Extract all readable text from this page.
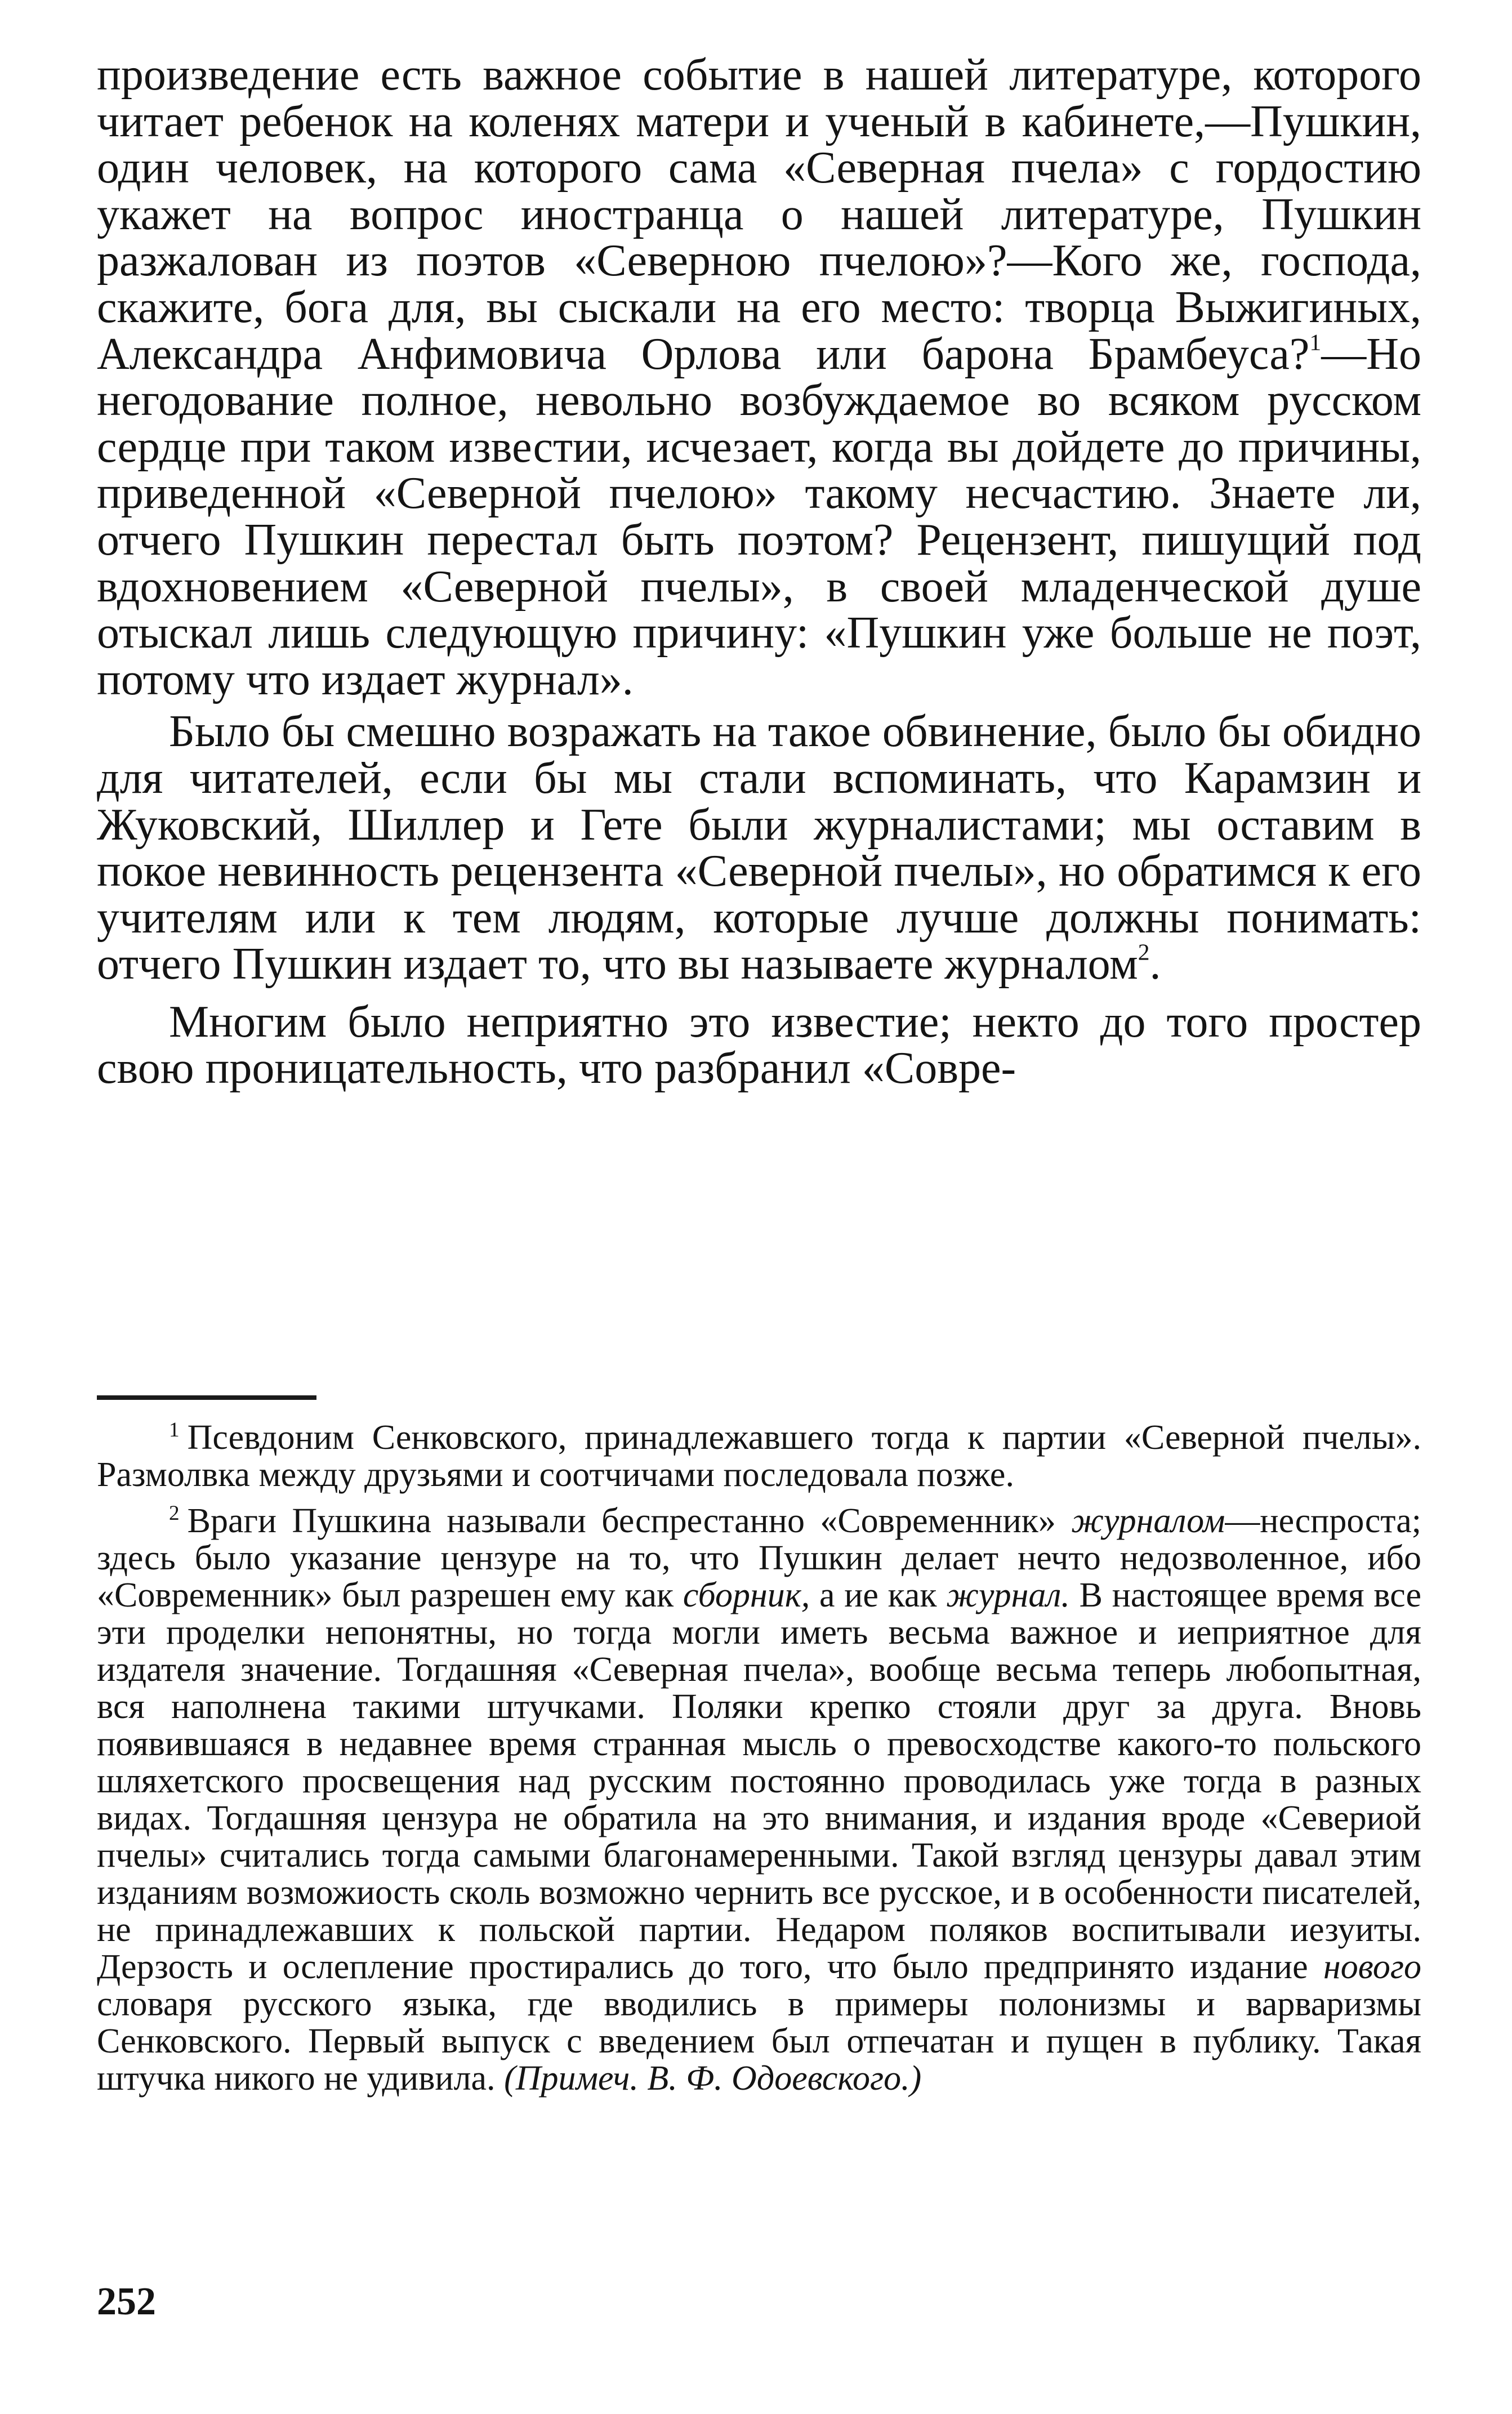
произведение есть важное событие в нашей литературе, которого читает ребенок на коленях матери и ученый в кабинете,—Пушкин, один человек, на которого сама «Северная пчела» с гордостию укажет на вопрос иностранца о нашей литературе, Пушкин разжалован из поэтов «Северною пчелою»?—Кого же, господа, скажите, бога для, вы сыскали на его место: творца Выжигиных, Александра Анфимовича Орлова или барона Брамбеуса?$^1$—Но негодование полное, невольно возбуждаемое во всяком русском сердце при таком известии, исчезает, когда вы дойдете до причины, приведенной «Северной пчелою» такому несчастию. Знаете ли, отчего Пушкин перестал быть поэтом? Рецензент, пишущий под вдохновением «Северной пчелы», в своей младенческой душе отыскал лишь следующую причину: «Пушкин уже больше не поэт, потому что издает журнал».

Было бы смешно возражать на такое обвинение, было бы обидно для читателей, если бы мы стали вспоминать, что Карамзин и Жуковский, Шиллер и Гете были журналистами; мы оставим в покое невинность рецензента «Северной пчелы», но обратимся к его учителям или к тем людям, которые лучше должны понимать: отчего Пушкин издает то, что вы называете журналом$^2$.

Многим было неприятно это известие; некто до того простер свою проницательность, что разбранил «Совре-

$^1$ Псевдоним Сенковского, принадлежавшего тогда к партии «Северной пчелы». Размолвка между друзьями и соотчичами последовала позже.

$^2$ Враги Пушкина называли беспрестанно «Современник» журналом—неспроста; здесь было указание цензуре на то, что Пушкин делает нечто недозволенное, ибо «Современник» был разрешен ему как сборник, а ие как журнал. В настоящее время все эти проделки непонятны, но тогда могли иметь весьма важное и иеприятное для издателя значение. Тогдашняя «Северная пчела», вообще весьма теперь любопытная, вся наполнена такими штучками. Поляки крепко стояли друг за друга. Вновь появившаяся в недавнее время странная мысль о превосходстве какого-то польского шляхетского просвещения над русским постоянно проводилась уже тогда в разных видах. Тогдашняя цензура не обратила на это внимания, и издания вроде «Севериой пчелы» считались тогда самыми благонамеренными. Такой взгляд цензуры давал этим изданиям возможиость сколь возможно чернить все русское, и в особенности писателей, не принадлежавших к польской партии. Недаром поляков воспитывали иезуиты. Дерзость и ослепление простирались до того, что было предпринято издание нового словаря русского языка, где вводились в примеры полонизмы и варваризмы Сенковского. Первый выпуск с введением был отпечатан и пущен в публику. Такая штучка никого не удивила. (Примеч. В. Ф. Одоевского.)

252
